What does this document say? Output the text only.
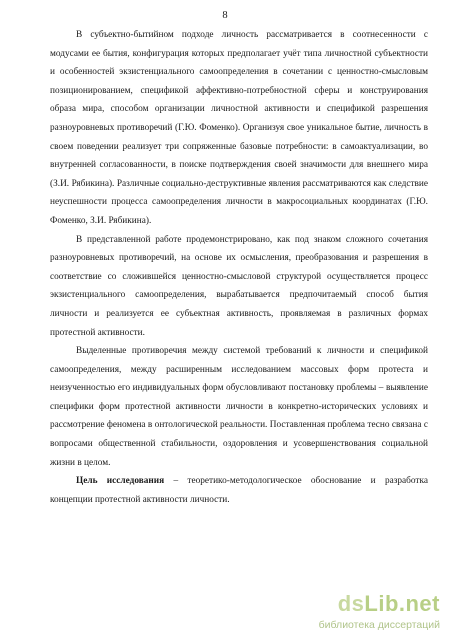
8

В субъектно-бытийном подходе личность рассматривается в соотнесенности с модусами ее бытия, конфигурация которых предполагает учёт типа личностной субъектности и особенностей экзистенциального самоопределения в сочетании с ценностно-смысловым позиционированием, спецификой аффективно-потребностной сферы и конструирования образа мира, способом организации личностной активности и спецификой разрешения разноуровневых противоречий (Г.Ю. Фоменко). Организуя свое уникальное бытие, личность в своем поведении реализует три сопряженные базовые потребности: в самоактуализации, во внутренней согласованности, в поиске подтверждения своей значимости для внешнего мира (З.И. Рябикина). Различные социально-деструктивные явления рассматриваются как следствие неуспешности процесса самоопределения личности в макросоциальных координатах (Г.Ю. Фоменко, З.И. Рябикина).

В представленной работе продемонстрировано, как под знаком сложного сочетания разноуровневых противоречий, на основе их осмысления, преобразования и разрешения в соответствие со сложившейся ценностно-смысловой структурой осуществляется процесс экзистенциального самоопределения, вырабатывается предпочитаемый способ бытия личности и реализуется ее субъектная активность, проявляемая в различных формах протестной активности.

Выделенные противоречия между системой требований к личности и спецификой самоопределения, между расширенным исследованием массовых форм протеста и неизученностью его индивидуальных форм обусловливают постановку проблемы – выявление специфики форм протестной активности личности в конкретно-исторических условиях и рассмотрение феномена в онтологической реальности. Поставленная проблема тесно связана с вопросами общественной стабильности, оздоровления и усовершенствования социальной жизни в целом.

Цель исследования – теоретико-методологическое обоснование и разработка концепции протестной активности личности.

dsLib.net
библиотека диссертаций
